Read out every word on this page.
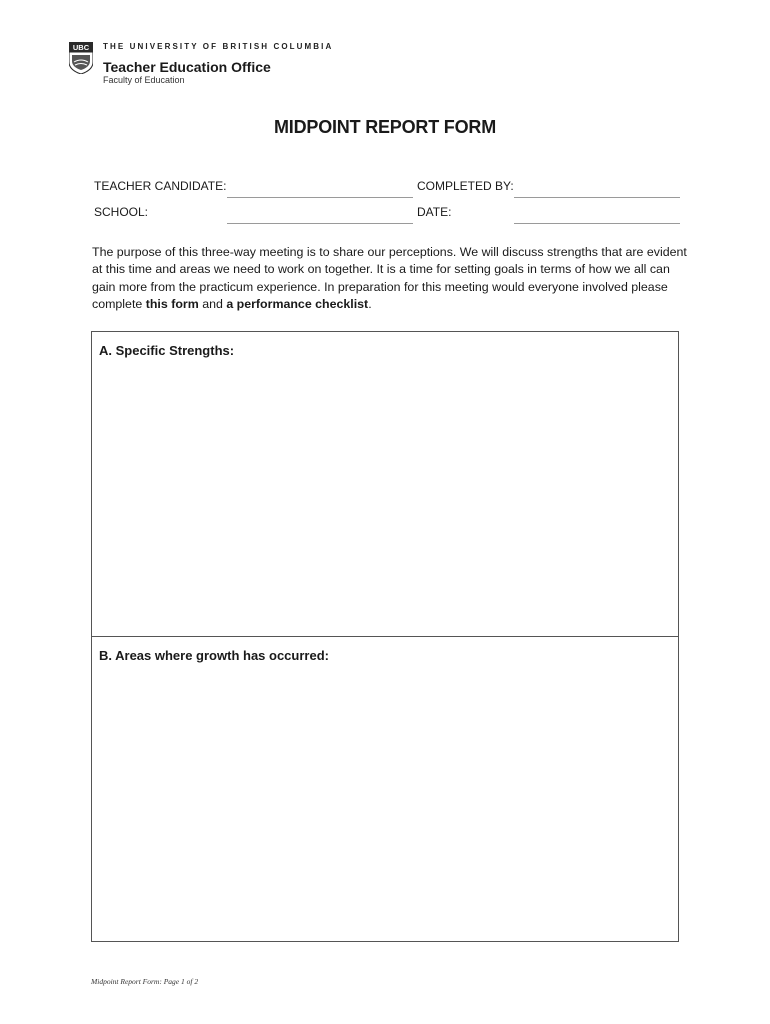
UBC THE UNIVERSITY OF BRITISH COLUMBIA
Teacher Education Office
Faculty of Education
MIDPOINT REPORT FORM
TEACHER CANDIDATE:	COMPLETED BY:
SCHOOL:	DATE:
The purpose of this three-way meeting is to share our perceptions. We will discuss strengths that are evident at this time and areas we need to work on together. It is a time for setting goals in terms of how we all can gain more from the practicum experience. In preparation for this meeting would everyone involved please complete this form and a performance checklist.
A. Specific Strengths:
B. Areas where growth has occurred:
Midpoint Report Form: Page 1 of 2
